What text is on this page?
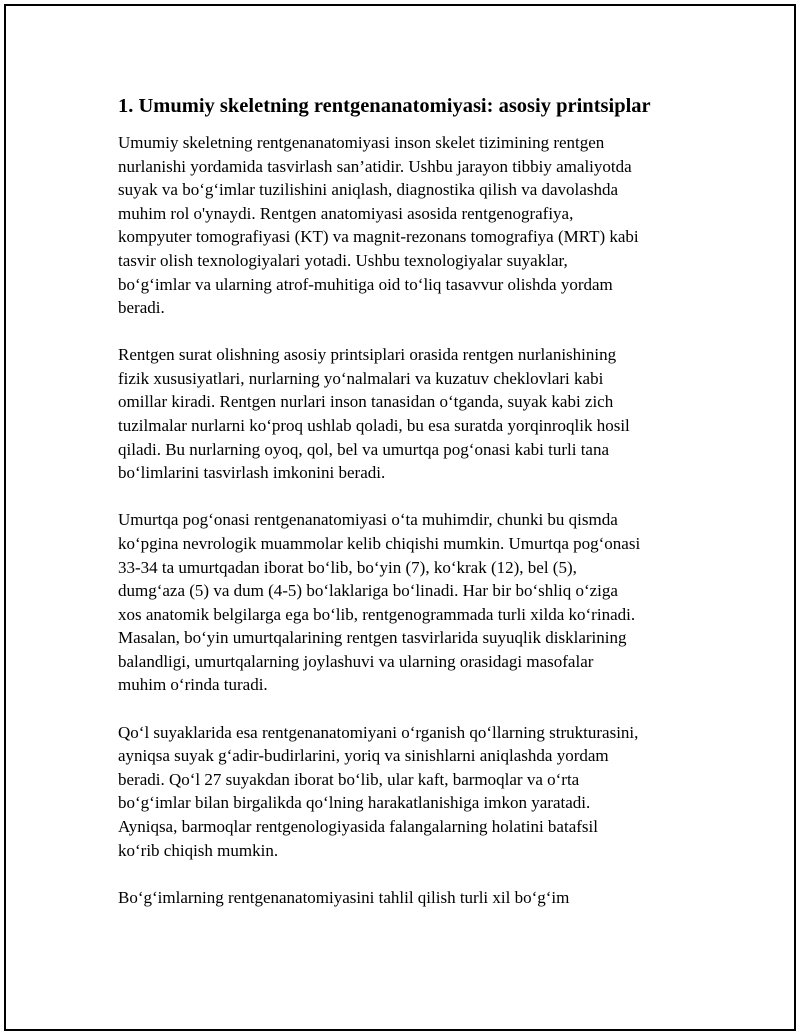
1. Umumiy skeletning rentgenanatomiyasi: asosiy printsiplar

Umumiy skeletning rentgenanatomiyasi inson skelet tizimining rentgen
nurlanishi yordamida tasvirlash san’atidir. Ushbu jarayon tibbiy amaliyotda
suyak va bo‘g‘imlar tuzilishini aniqlash, diagnostika qilish va davolashda
muhim rol o'ynaydi. Rentgen anatomiyasi asosida rentgenografiya,
kompyuter tomografiyasi (KT) va magnit-rezonans tomografiya (MRT) kabi
tasvir olish texnologiyalari yotadi. Ushbu texnologiyalar suyaklar,
bo‘g‘imlar va ularning atrof-muhitiga oid to‘liq tasavvur olishda yordam
beradi.

Rentgen surat olishning asosiy printsiplari orasida rentgen nurlanishining
fizik xususiyatlari, nurlarning yo‘nalmalari va kuzatuv cheklovlari kabi
omillar kiradi. Rentgen nurlari inson tanasidan o‘tganda, suyak kabi zich
tuzilmalar nurlarni ko‘proq ushlab qoladi, bu esa suratda yorqinroqlik hosil
qiladi. Bu nurlarning oyoq, qol, bel va umurtqa pog‘onasi kabi turli tana
bo‘limlarini tasvirlash imkonini beradi.

Umurtqa pog‘onasi rentgenanatomiyasi o‘ta muhimdir, chunki bu qismda
ko‘pgina nevrologik muammolar kelib chiqishi mumkin. Umurtqa pog‘onasi
33-34 ta umurtqadan iborat bo‘lib, bo‘yin (7), ko‘krak (12), bel (5),
dumg‘aza (5) va dum (4-5) bo‘laklariga bo‘linadi. Har bir bo‘shliq o‘ziga
xos anatomik belgilarga ega bo‘lib, rentgenogrammada turli xilda ko‘rinadi.
Masalan, bo‘yin umurtqalarining rentgen tasvirlarida suyuqlik disklarining
balandligi, umurtqalarning joylashuvi va ularning orasidagi masofalar
muhim o‘rinda turadi.

Qo‘l suyaklarida esa rentgenanatomiyani o‘rganish qo‘llarning strukturasini,
ayniqsa suyak g‘adir-budirlarini, yoriq va sinishlarni aniqlashda yordam
beradi. Qo‘l 27 suyakdan iborat bo‘lib, ular kaft, barmoqlar va o‘rta
bo‘g‘imlar bilan birgalikda qo‘lning harakatlanishiga imkon yaratadi.
Ayniqsa, barmoqlar rentgenologiyasida falangalarning holatini batafsil
ko‘rib chiqish mumkin.

Bo‘g‘imlarning rentgenanatomiyasini tahlil qilish turli xil bo‘g‘im
